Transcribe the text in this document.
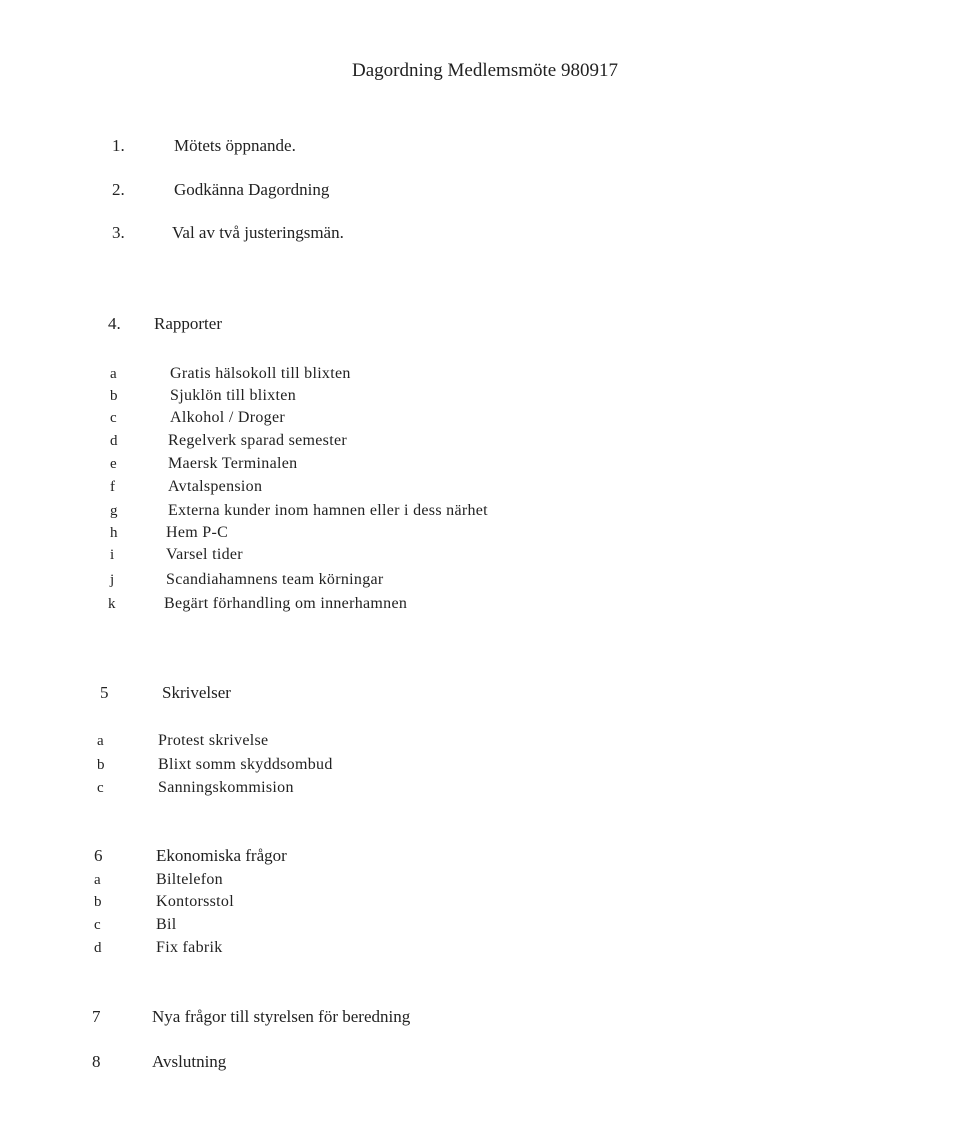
Dagordning Medlemsmöte 980917
1.	Mötets öppnande.
2.	Godkänna Dagordning
3.	Val av två justeringsmän.
4. Rapporter
a	Gratis hälsokoll till blixten
b	Sjuklön till blixten
c	Alkohol / Droger
d	Regelverk sparad semester
e	Maersk Terminalen
f	Avtalspension
g	Externa kunder inom hamnen eller i dess närhet
h	Hem P-C
i	Varsel tider
j	Scandiahamnens team körningar
k	Begärt förhandling om innerhamnen
5	Skrivelser
a	Protest skrivelse
b	Blixt somm skyddsombud
c	Sanningskommision
6	Ekonomiska frågor
a	Biltelefon
b	Kontorsstol
c	Bil
d	Fix fabrik
7	Nya frågor till styrelsen för beredning
8	Avslutning
